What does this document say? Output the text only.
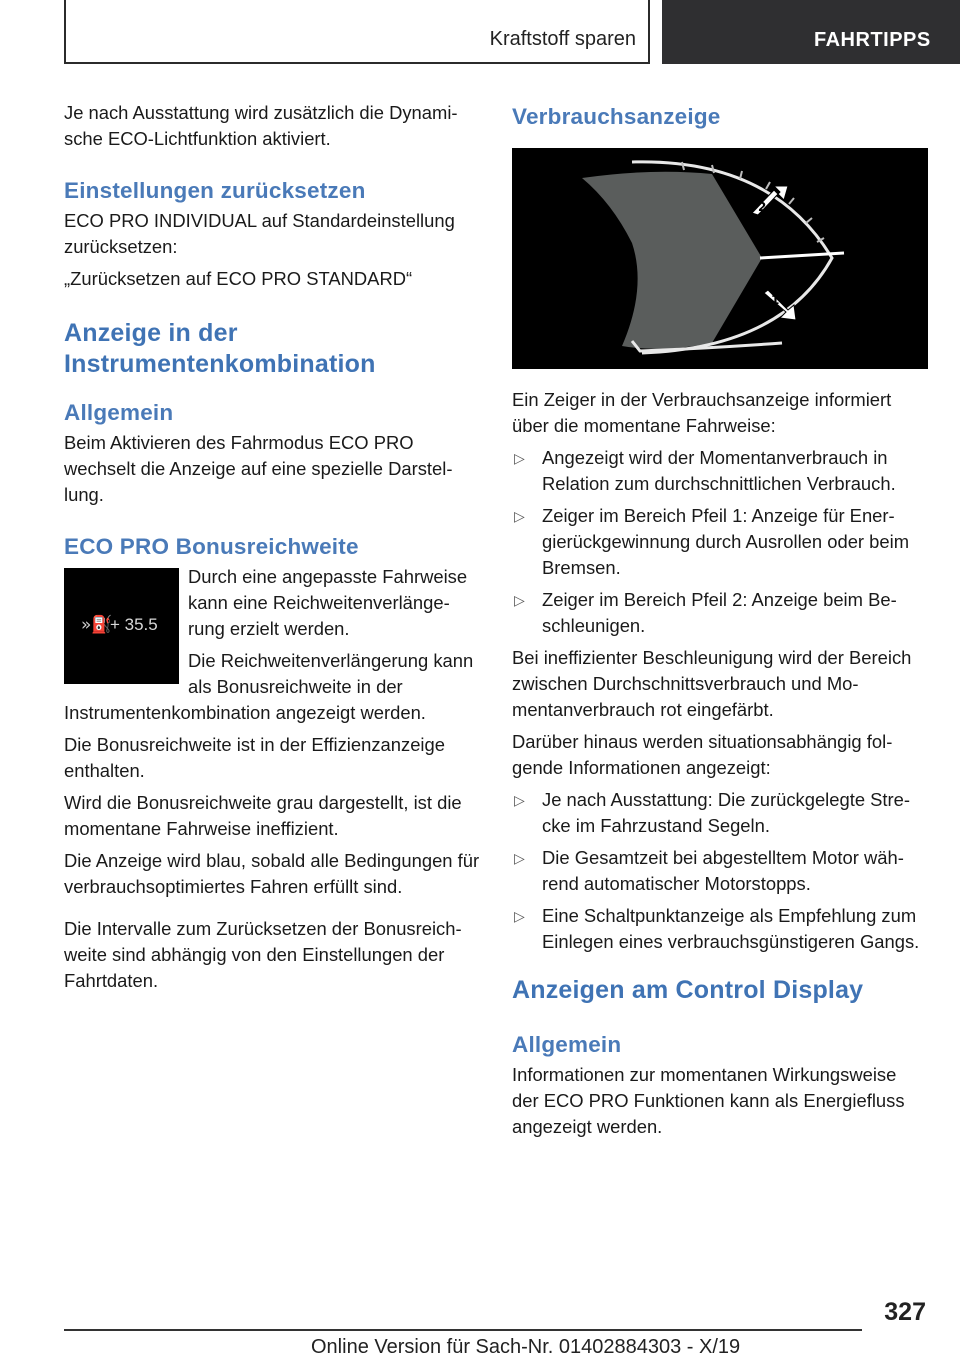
Kraftstoff sparen	FAHRTIPPS

Je nach Ausstattung wird zusätzlich die Dynamische ECO-Lichtfunktion aktiviert.

Einstellungen zurücksetzen

ECO PRO INDIVIDUAL auf Standardeinstellung zurücksetzen:

„Zurücksetzen auf ECO PRO STANDARD“

Anzeige in der Instrumentenkombination
Allgemein

Beim Aktivieren des Fahrmodus ECO PRO wechselt die Anzeige auf eine spezielle Darstellung.

ECO PRO Bonusreichweite
»⛽
+ 35.5

Durch eine angepasste Fahrweise kann eine Reichweitenverlängerung erzielt werden.

Die Reichweitenverlängerung kann als Bonusreichweite in der Instrumentenkombination angezeigt werden.

Die Bonusreichweite ist in der Effizienzanzeige enthalten.

Wird die Bonusreichweite grau dargestellt, ist die momentane Fahrweise ineffizient.

Die Anzeige wird blau, sobald alle Bedingungen für verbrauchsoptimiertes Fahren erfüllt sind.

Die Intervalle zum Zurücksetzen der Bonusreichweite sind abhängig von den Einstellungen der Fahrtdaten.

Verbrauchsanzeige
2
1

Ein Zeiger in der Verbrauchsanzeige informiert über die momentane Fahrweise:

▷ Angezeigt wird der Momentanverbrauch in Relation zum durchschnittlichen Verbrauch.
▷ Zeiger im Bereich Pfeil 1: Anzeige für Energierückgewinnung durch Ausrollen oder beim Bremsen.
▷ Zeiger im Bereich Pfeil 2: Anzeige beim Beschleunigen.

Bei ineffizienter Beschleunigung wird der Bereich zwischen Durchschnittsverbrauch und Momentanverbrauch rot eingefärbt.

Darüber hinaus werden situationsabhängig folgende Informationen angezeigt:

▷ Je nach Ausstattung: Die zurückgelegte Strecke im Fahrzustand Segeln.
▷ Die Gesamtzeit bei abgestelltem Motor während automatischer Motorstopps.
▷ Eine Schaltpunktanzeige als Empfehlung zum Einlegen eines verbrauchsgünstigeren Gangs.
Anzeigen am Control Display
Allgemein

Informationen zur momentanen Wirkungsweise der ECO PRO Funktionen kann als Energiefluss angezeigt werden.

327
Online Version für Sach-Nr. 01402884303 - X/19
